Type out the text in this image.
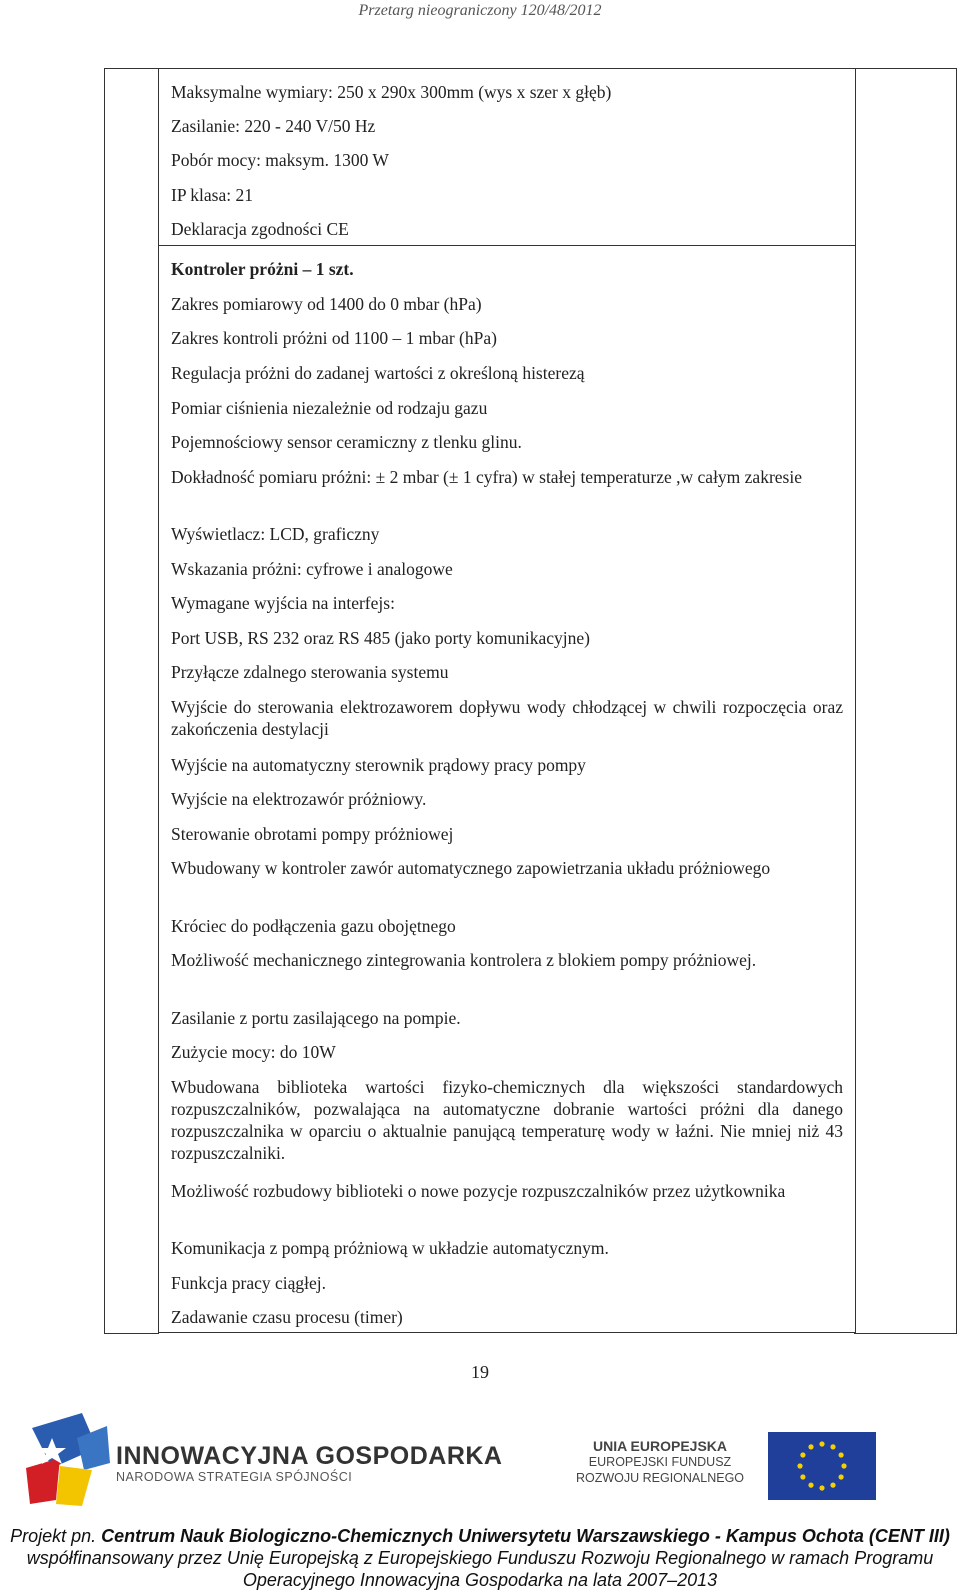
Przetarg nieograniczony 120/48/2012
Maksymalne wymiary: 250 x 290x 300mm (wys x szer x głęb)
Zasilanie: 220 - 240 V/50 Hz
Pobór mocy: maksym. 1300 W
IP klasa: 21
Deklaracja zgodności CE
Kontroler próżni – 1 szt.
Zakres pomiarowy od 1400 do 0 mbar (hPa)
Zakres kontroli próżni od 1100 – 1 mbar (hPa)
Regulacja próżni do zadanej wartości z określoną histerezą
Pomiar ciśnienia niezależnie od rodzaju gazu
Pojemnościowy sensor ceramiczny z tlenku glinu.
Dokładność pomiaru próżni: ± 2 mbar (± 1 cyfra) w stałej temperaturze ,w całym zakresie
Wyświetlacz: LCD, graficzny
Wskazania próżni: cyfrowe i analogowe
Wymagane wyjścia na interfejs:
Port USB, RS 232 oraz RS 485 (jako porty komunikacyjne)
Przyłącze zdalnego sterowania systemu
Wyjście do sterowania elektrozaworem dopływu wody chłodzącej w chwili rozpoczęcia oraz zakończenia destylacji
Wyjście na automatyczny sterownik prądowy pracy pompy
Wyjście na elektrozawór próżniowy.
Sterowanie obrotami pompy próżniowej
Wbudowany w kontroler zawór automatycznego zapowietrzania układu próżniowego
Króciec do podłączenia gazu obojętnego
Możliwość mechanicznego zintegrowania kontrolera z blokiem pompy próżniowej.
Zasilanie z portu zasilającego na pompie.
Zużycie mocy: do 10W
Wbudowana biblioteka wartości fizyko-chemicznych dla większości standardowych rozpuszczalników, pozwalająca na automatyczne dobranie wartości próżni dla danego rozpuszczalnika w oparciu o aktualnie panującą temperaturę wody w łaźni. Nie mniej niż 43 rozpuszczalniki.
Możliwość rozbudowy biblioteki o nowe pozycje rozpuszczalników przez użytkownika
Komunikacja z pompą próżniową w układzie automatycznym.
Funkcja pracy ciągłej.
Zadawanie czasu procesu (timer)
19
INNOWACYJNA GOSPODARKA
NARODOWA STRATEGIA SPÓJNOŚCI
UNIA EUROPEJSKA
EUROPEJSKI FUNDUSZ
ROZWOJU REGIONALNEGO
Projekt pn. Centrum Nauk Biologiczno-Chemicznych Uniwersytetu Warszawskiego - Kampus Ochota (CENT III) współfinansowany przez Unię Europejską z Europejskiego Funduszu Rozwoju Regionalnego w ramach Programu Operacyjnego Innowacyjna Gospodarka na lata 2007–2013
